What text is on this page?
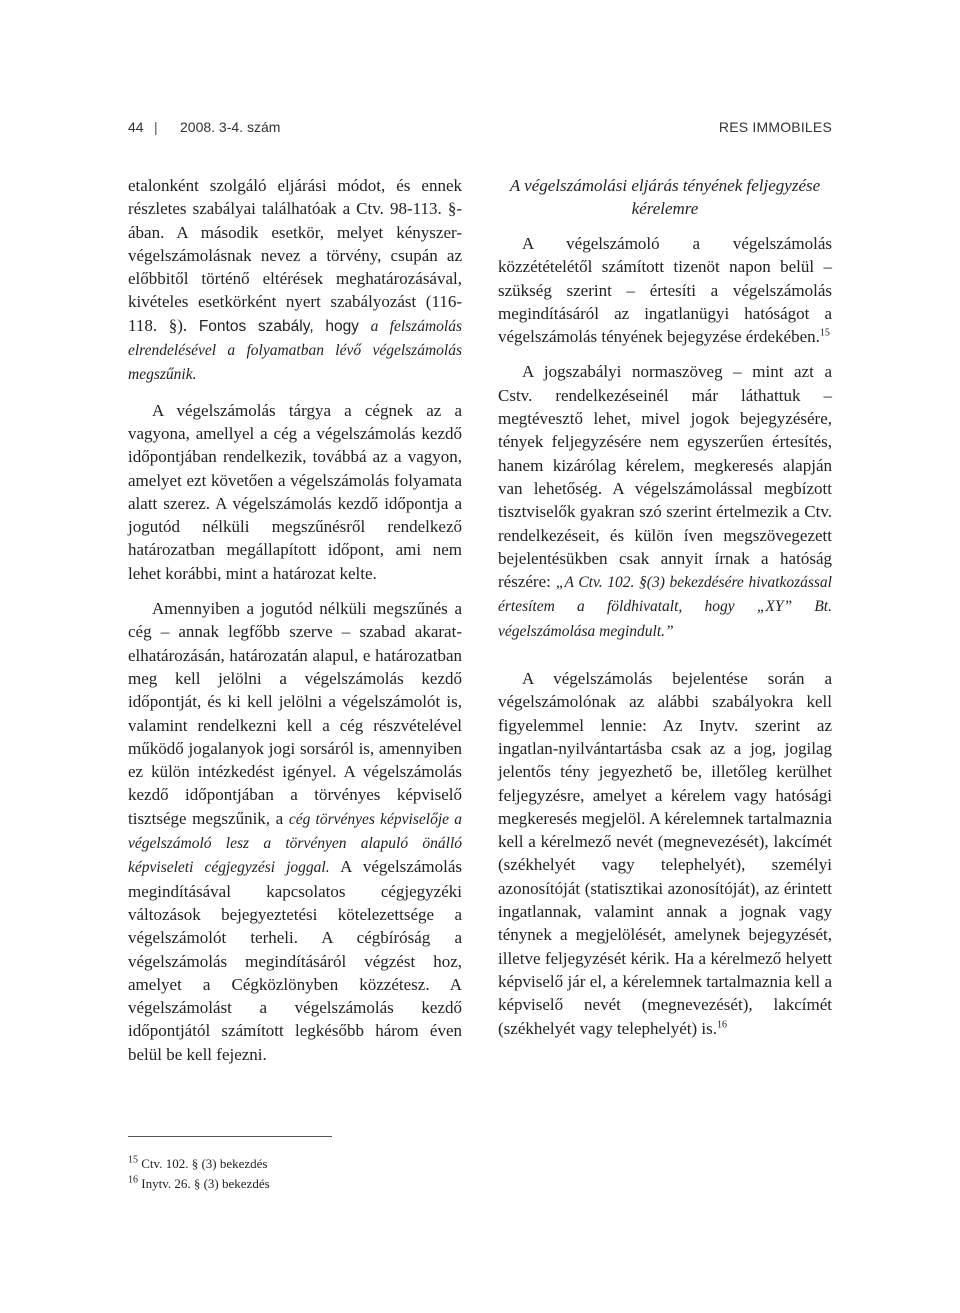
44 | 2008. 3-4. szám	RES IMMOBILES

etalonként szolgáló eljárási módot, és ennek részletes szabályai találhatóak a Ctv. 98-113. §-ában. A második esetkör, melyet kényszer-végelszámolásnak nevez a törvény, csupán az előbbitől történő eltérések meghatározásával, kivételes esetkörként nyert szabályozást (116-118. §). Fontos szabály, hogy a felszámolás elrendelésével a folyamatban lévő végelszámolás megszűnik.

A végelszámolás tárgya a cégnek az a vagyona, amellyel a cég a végelszámolás kezdő időpontjában rendelkezik, továbbá az a vagyon, amelyet ezt követően a végelszámolás folyamata alatt szerez. A végelszámolás kezdő időpontja a jogutód nélküli megszűnésről rendelkező határozatban megállapított időpont, ami nem lehet korábbi, mint a határozat kelte.

Amennyiben a jogutód nélküli megszűnés a cég – annak legfőbb szerve – szabad akarat-elhatározásán, határozatán alapul, e határozatban meg kell jelölni a végelszámolás kezdő időpontját, és ki kell jelölni a végelszámolót is, valamint rendelkezni kell a cég részvételével működő jogalanyok jogi sorsáról is, amennyiben ez külön intézkedést igényel. A végelszámolás kezdő időpontjában a törvényes képviselő tisztsége megszűnik, a cég törvényes képviselője a végelszámoló lesz a törvényen alapuló önálló képviseleti cégjegyzési joggal. A végelszámolás megindításával kapcsolatos cégjegyzéki változások bejegyeztetési kötelezettsége a végelszámolót terheli. A cégbíróság a végelszámolás megindításáról végzést hoz, amelyet a Cégközlönyben közzétesz. A végelszámolást a végelszámolás kezdő időpontjától számított legkésőbb három éven belül be kell fejezni.

A végelszámolási eljárás tényének feljegyzése kérelemre

A végelszámoló a végelszámolás közzétételétől számított tizenöt napon belül – szükség szerint – értesíti a végelszámolás megindításáról az ingatlanügyi hatóságot a végelszámolás tényének bejegyzése érdekében.$^{15}$

A jogszabályi normaszöveg – mint azt a Cstv. rendelkezéseinél már láthattuk – megtévesztő lehet, mivel jogok bejegyzésére, tények feljegyzésére nem egyszerűen értesítés, hanem kizárólag kérelem, megkeresés alapján van lehetőség. A végelszámolással megbízott tisztviselők gyakran szó szerint értelmezik a Ctv. rendelkezéseit, és külön íven megszövegezett bejelentésükben csak annyit írnak a hatóság részére: „A Ctv. 102. §(3) bekezdésére hivatkozással értesítem a földhivatalt, hogy „XY” Bt. végelszámolása megindult.”

A végelszámolás bejelentése során a végelszámolónak az alábbi szabályokra kell figyelemmel lennie: Az Inytv. szerint az ingatlan-nyilvántartásba csak az a jog, jogilag jelentős tény jegyezhető be, illetőleg kerülhet feljegyzésre, amelyet a kérelem vagy hatósági megkeresés megjelöl. A kérelemnek tartalmaznia kell a kérelmező nevét (megnevezését), lakcímét (székhelyét vagy telephelyét), személyi azonosítóját (statisztikai azonosítóját), az érintett ingatlannak, valamint annak a jognak vagy ténynek a megjelölését, amelynek bejegyzését, illetve feljegyzését kérik. Ha a kérelmező helyett képviselő jár el, a kérelemnek tartalmaznia kell a képviselő nevét (megnevezését), lakcímét (székhelyét vagy telephelyét) is.$^{16}$

$^{15}$ Ctv. 102. § (3) bekezdés
$^{16}$ Inytv. 26. § (3) bekezdés
